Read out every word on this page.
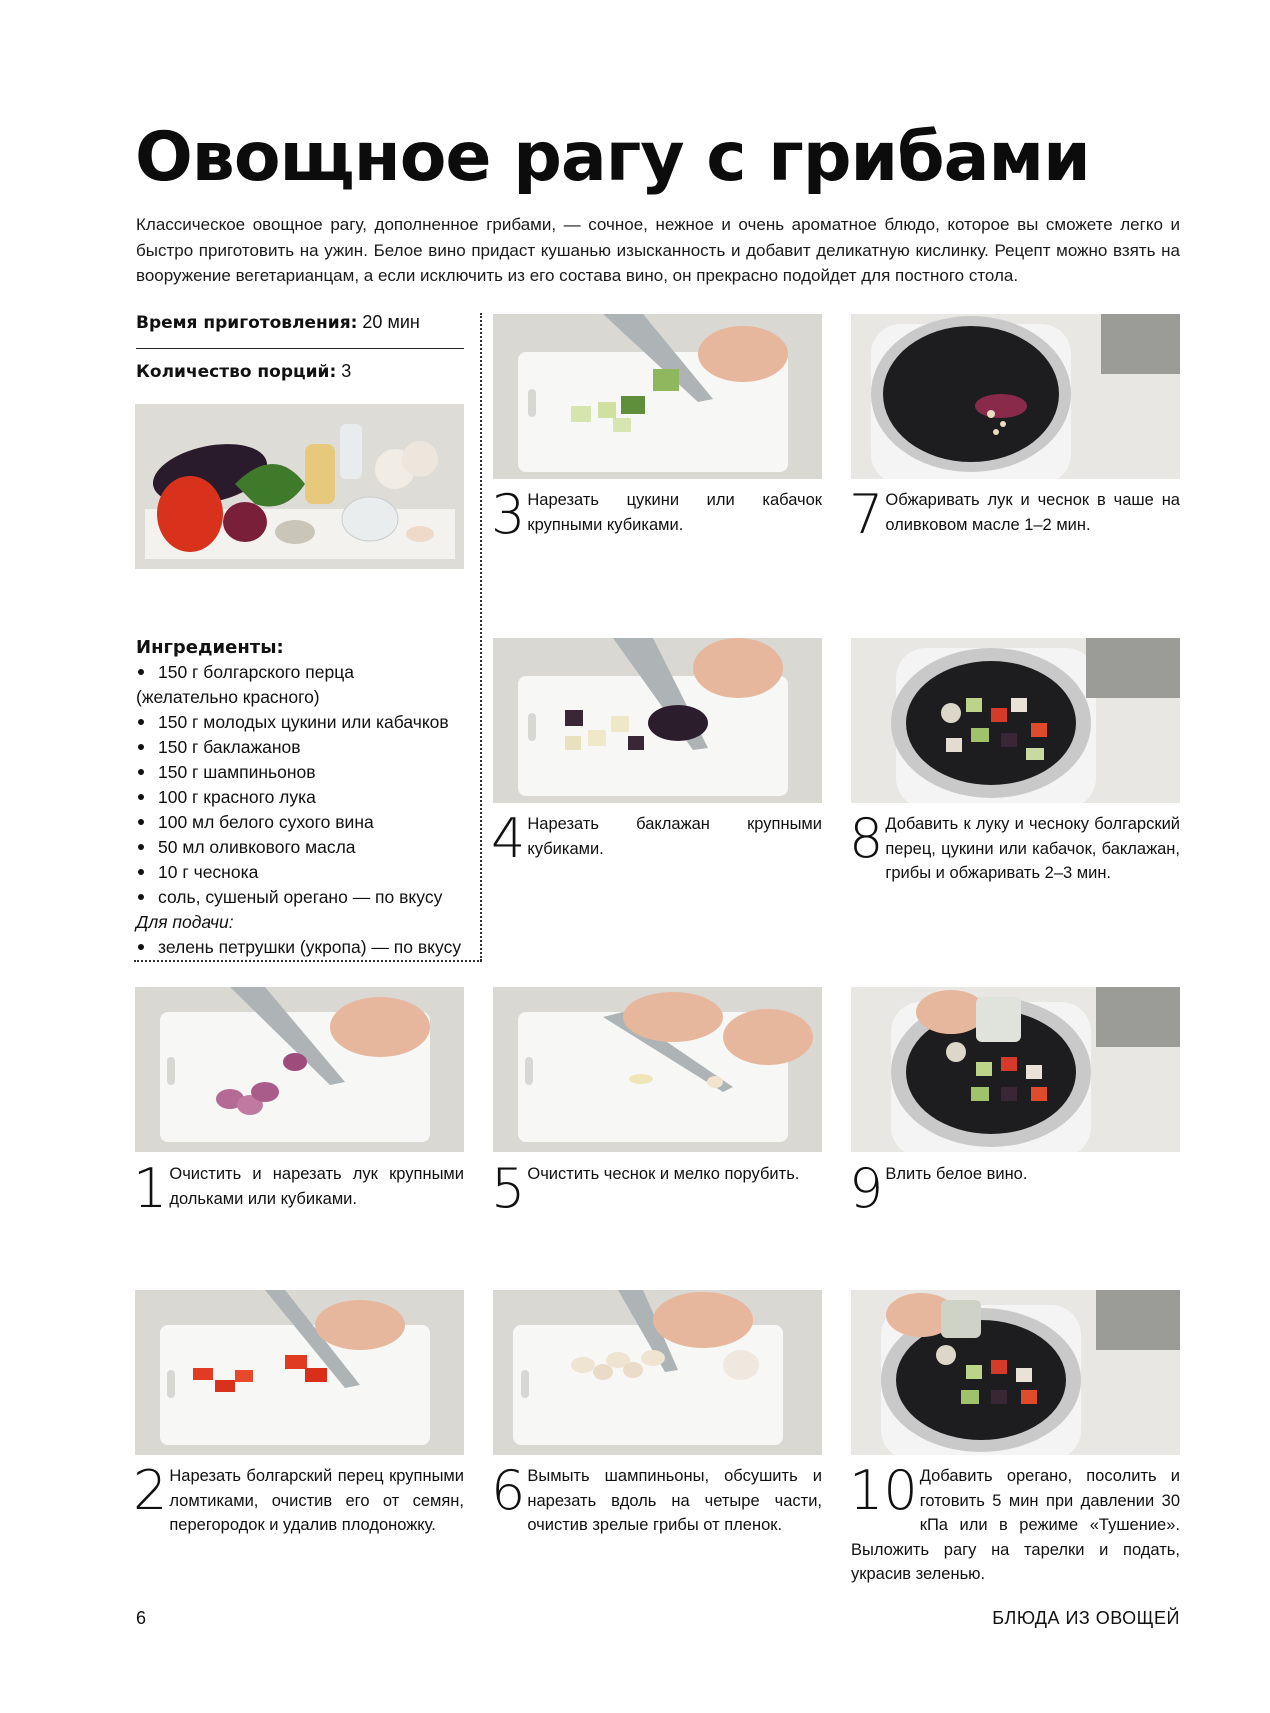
Овощное рагу с грибами
Классическое овощное рагу, дополненное грибами, — сочное, нежное и очень ароматное блюдо, которое вы сможете легко и быстро приготовить на ужин. Белое вино придаст кушанью изысканность и добавит деликатную кислинку. Рецепт можно взять на вооружение вегетарианцам, а если исключить из его состава вино, он прекрасно подойдет для постного стола.
Время приготовления: 20 мин
Количество порций: 3
Ингредиенты:
150 г болгарского перца
(желательно красного)
150 г молодых цукини или кабачков
150 г баклажанов
150 г шампиньонов
100 г красного лука
100 мл белого сухого вина
50 мл оливкового масла
10 г чеснока
соль, сушеный орегано — по вкусу
Для подачи:
зелень петрушки (укропа) — по вкусу
3 Нарезать цукини или кабачок крупными кубиками.	7 Обжаривать лук и чеснок в чаше на оливковом масле 1–2 мин.
4 Нарезать баклажан крупными кубиками.	8 Добавить к луку и чесноку болгарский перец, цукини или кабачок, баклажан, грибы и обжаривать 2–3 мин.
1 Очистить и нарезать лук крупными дольками или кубиками.	5 Очистить чеснок и мелко порубить. 9 Влить белое вино.
2 Нарезать болгарский перец крупными ломтиками, очистив его от семян, перегородок и удалив плодоножку.
6 Вымыть шампиньоны, обсушить и нарезать вдоль на четыре части, очистив зрелые грибы от пленок.
10 Добавить орегано, посолить и готовить 5 мин при давлении 30 кПа или в режиме «Тушение». Выложить рагу на тарелки и подать, украсив зеленью.
6	БЛЮДА ИЗ ОВОЩЕЙ
